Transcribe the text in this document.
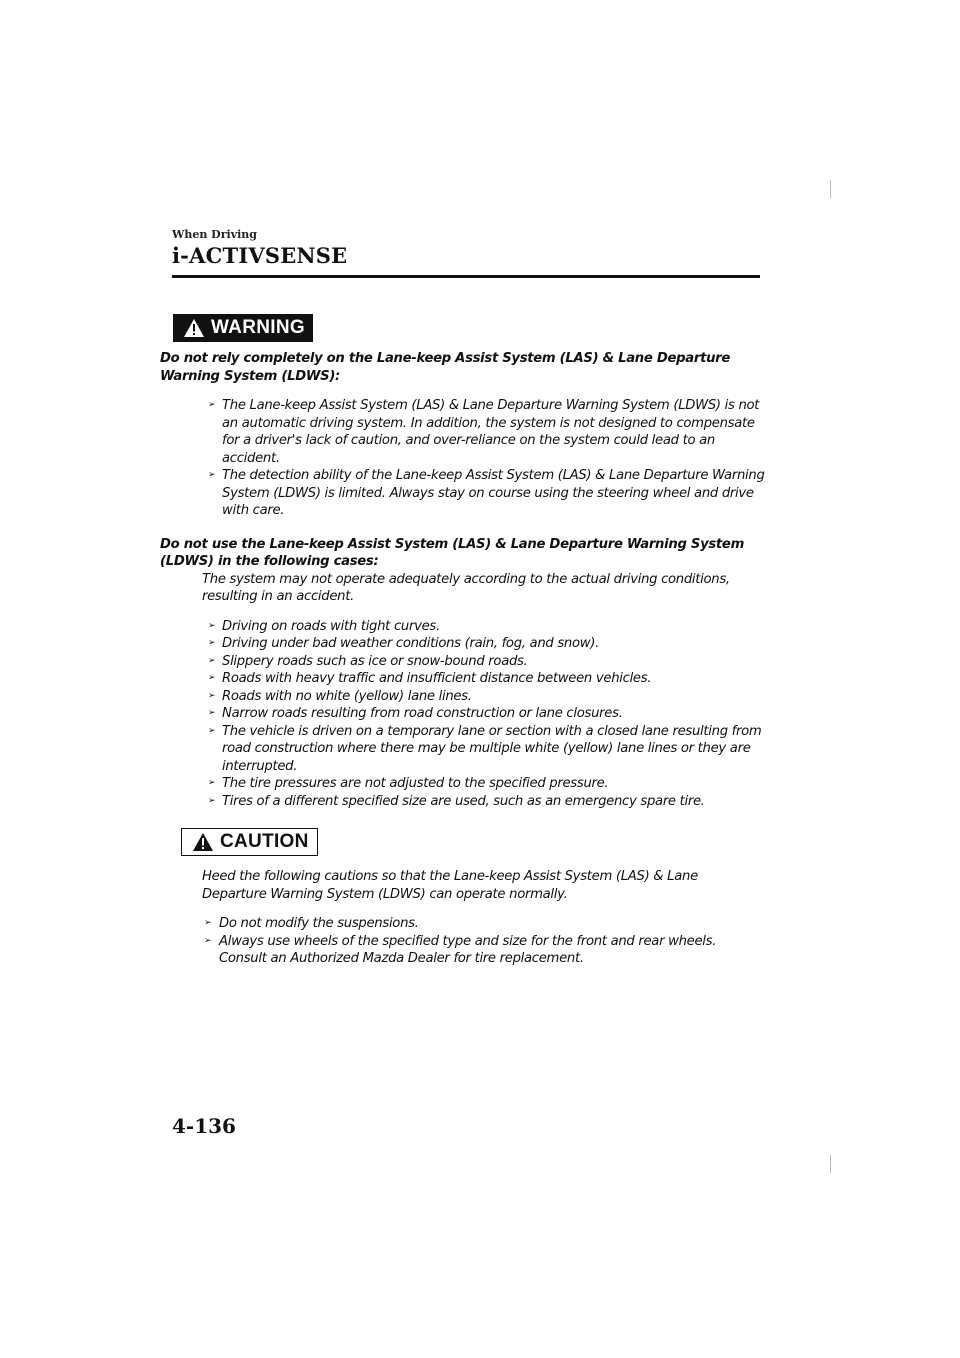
When Driving
i-ACTIVSENSE
WARNING

Do not rely completely on the Lane-keep Assist System (LAS) & Lane Departure Warning System (LDWS):

➢ The Lane-keep Assist System (LAS) & Lane Departure Warning System (LDWS) is not an automatic driving system. In addition, the system is not designed to compensate for a driver's lack of caution, and over-reliance on the system could lead to an accident.
➢ The detection ability of the Lane-keep Assist System (LAS) & Lane Departure Warning System (LDWS) is limited. Always stay on course using the steering wheel and drive with care.

Do not use the Lane-keep Assist System (LAS) & Lane Departure Warning System (LDWS) in the following cases:

The system may not operate adequately according to the actual driving conditions, resulting in an accident.

➢ Driving on roads with tight curves.
➢ Driving under bad weather conditions (rain, fog, and snow).
➢ Slippery roads such as ice or snow-bound roads.
➢ Roads with heavy traffic and insufficient distance between vehicles.
➢ Roads with no white (yellow) lane lines.
➢ Narrow roads resulting from road construction or lane closures.
➢ The vehicle is driven on a temporary lane or section with a closed lane resulting from road construction where there may be multiple white (yellow) lane lines or they are interrupted.
➢ The tire pressures are not adjusted to the specified pressure.
➢ Tires of a different specified size are used, such as an emergency spare tire.
CAUTION

Heed the following cautions so that the Lane-keep Assist System (LAS) & Lane Departure Warning System (LDWS) can operate normally.

➢ Do not modify the suspensions.
➢ Always use wheels of the specified type and size for the front and rear wheels. Consult an Authorized Mazda Dealer for tire replacement.
4-136
